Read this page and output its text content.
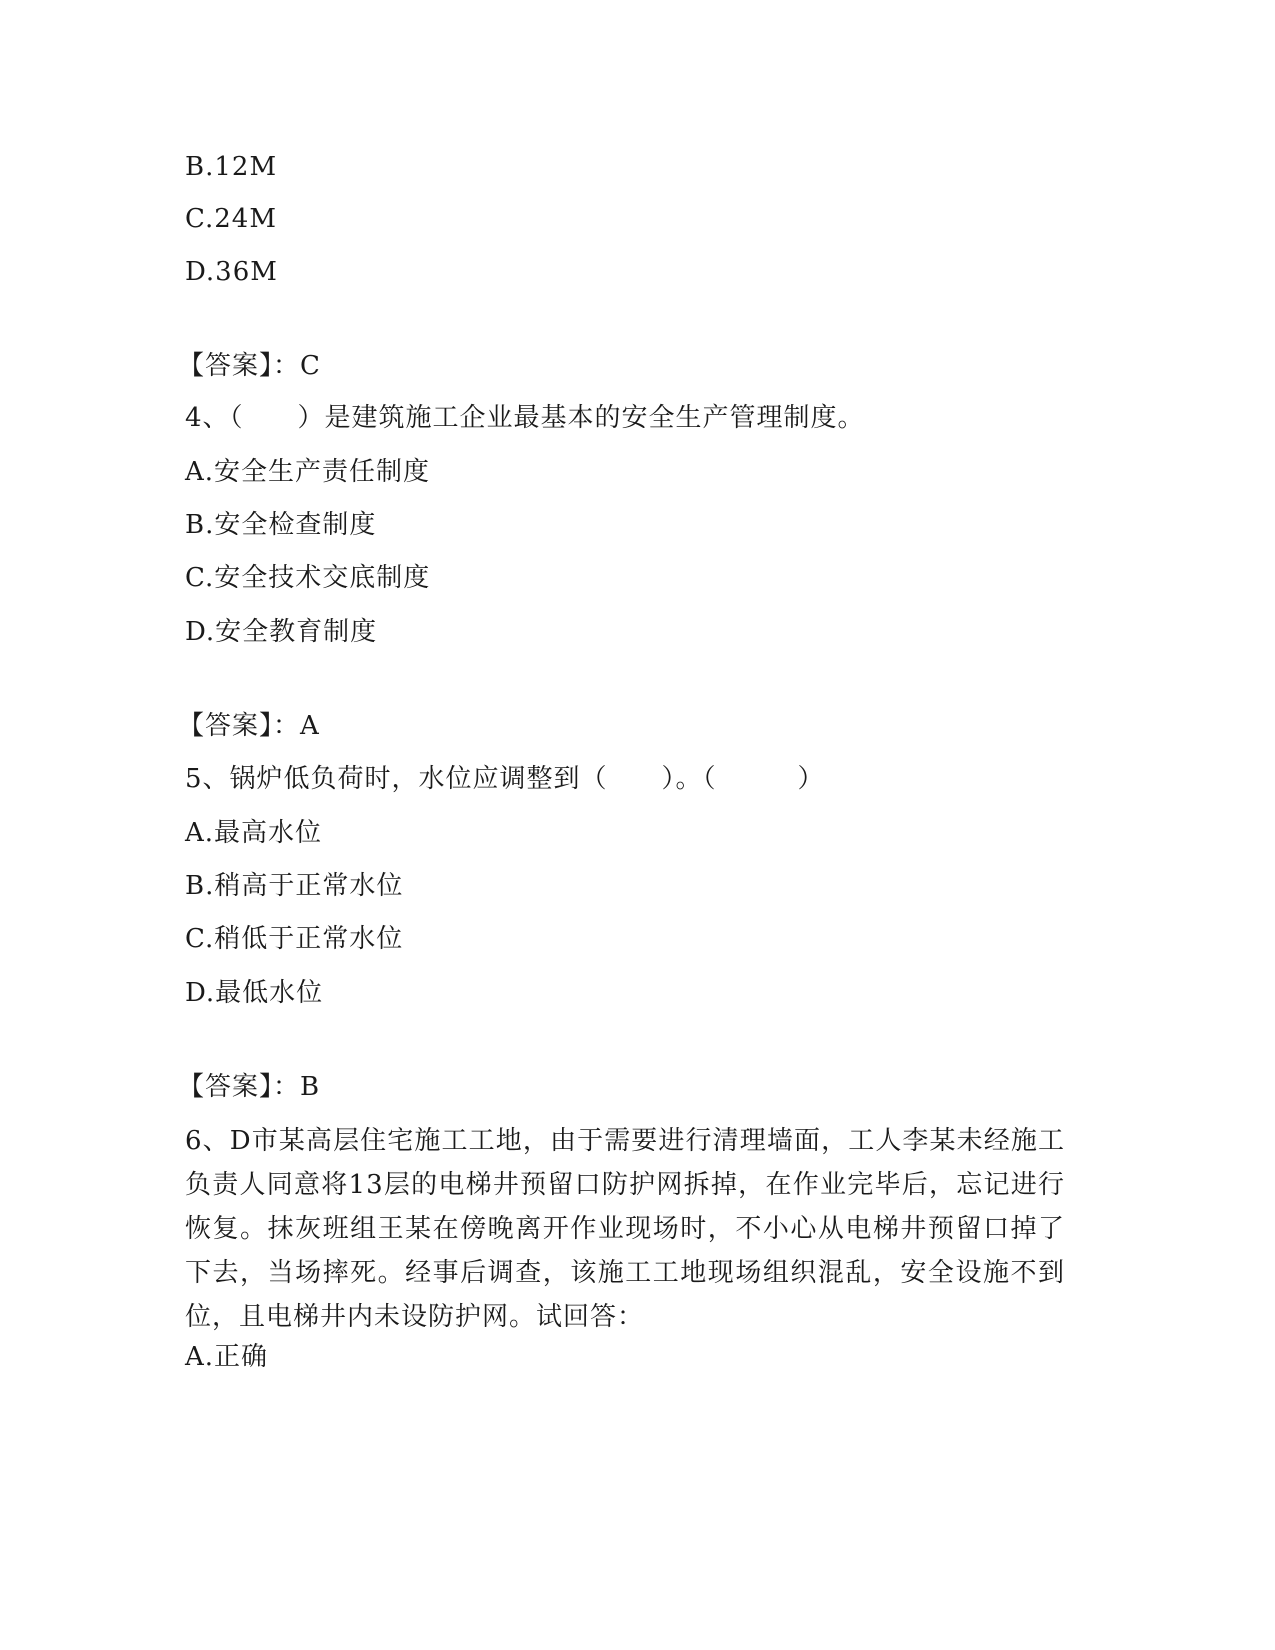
B.12M
C.24M
D.36M
【答案】：C
4、（　　）是建筑施工企业最基本的安全生产管理制度。
A.安全生产责任制度
B.安全检查制度
C.安全技术交底制度
D.安全教育制度
【答案】：A
5、锅炉低负荷时，水位应调整到（　　）。（　　　）
A.最高水位
B.稍高于正常水位
C.稍低于正常水位
D.最低水位
【答案】：B
6、D市某高层住宅施工工地，由于需要进行清理墙面，工人李某未经施工负责人同意将13层的电梯井预留口防护网拆掉，在作业完毕后，忘记进行恢复。抹灰班组王某在傍晚离开作业现场时，不小心从电梯井预留口掉了下去，当场摔死。经事后调查，该施工工地现场组织混乱，安全设施不到位，且电梯井内未设防护网。试回答：
A.正确
